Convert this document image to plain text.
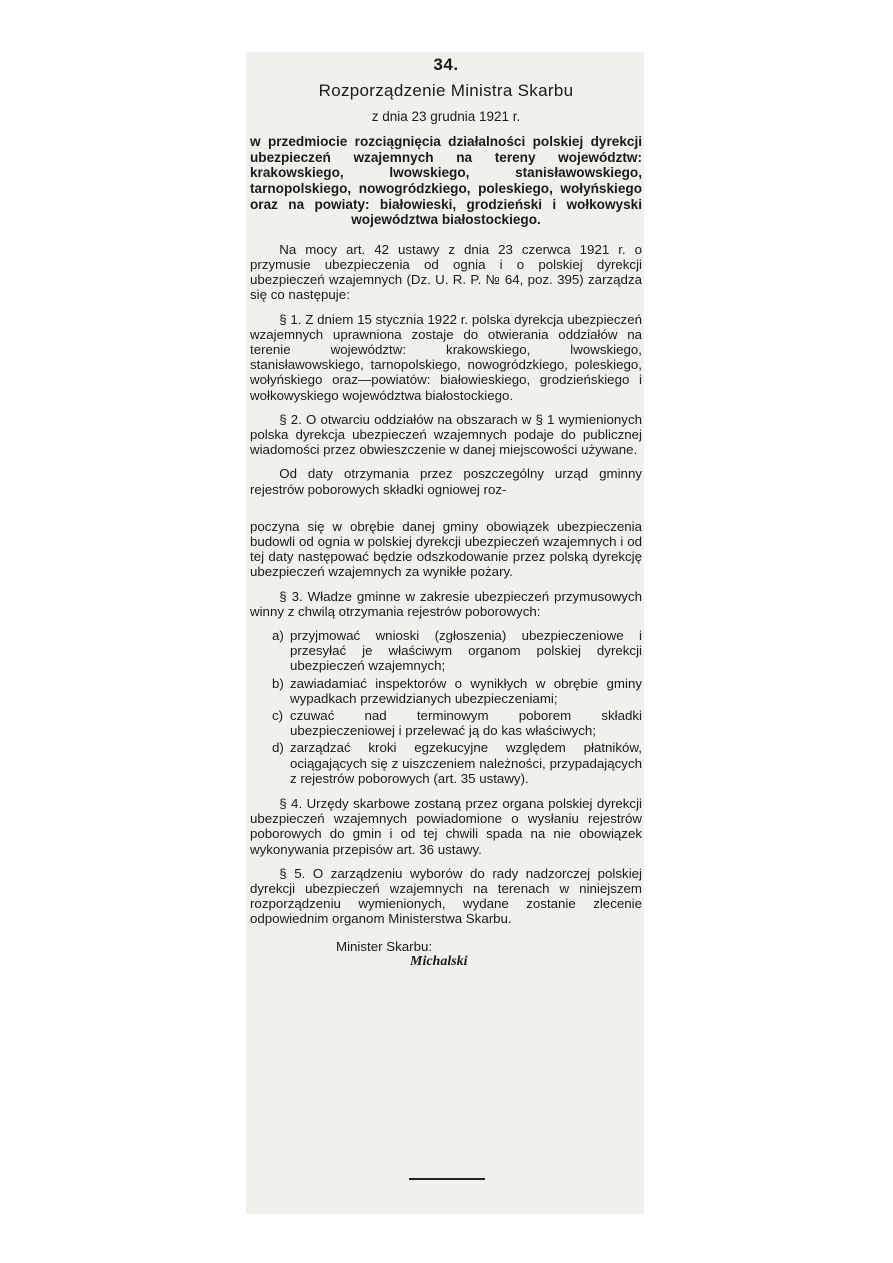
34.
Rozporządzenie Ministra Skarbu
z dnia 23 grudnia 1921 r.
w przedmiocie rozciągnięcia działalności polskiej dyrekcji ubezpieczeń wzajemnych na tereny województw: krakowskiego, lwowskiego, stanisławowskiego, tarnopolskiego, nowogródzkiego, poleskiego, wołyńskiego oraz na powiaty: białowieski, grodzieński i wołkowyski województwa białostockiego.

Na mocy art. 42 ustawy z dnia 23 czerwca 1921 r. o przymusie ubezpieczenia od ognia i o polskiej dyrekcji ubezpieczeń wzajemnych (Dz. U. R. P. № 64, poz. 395) zarządza się co następuje:

§ 1. Z dniem 15 stycznia 1922 r. polska dyrekcja ubezpieczeń wzajemnych uprawniona zostaje do otwierania oddziałów na terenie województw: krakowskiego, lwowskiego, stanisławowskiego, tarnopolskiego, nowogródzkiego, poleskiego, wołyńskiego oraz—powiatów: białowieskiego, grodzieńskiego i wołkowyskiego województwa białostockiego.

§ 2. O otwarciu oddziałów na obszarach w § 1 wymienionych polska dyrekcja ubezpieczeń wzajemnych podaje do publicznej wiadomości przez obwieszczenie w danej miejscowości używane.

Od daty otrzymania przez poszczególny urząd gminny rejestrów poborowych składki ogniowej roz-

poczyna się w obrębie danej gminy obowiązek ubezpieczenia budowli od ognia w polskiej dyrekcji ubezpieczeń wzajemnych i od tej daty następować będzie odszkodowanie przez polską dyrekcję ubezpieczeń wzajemnych za wynikłe pożary.

§ 3. Władze gminne w zakresie ubezpieczeń przymusowych winny z chwilą otrzymania rejestrów poborowych:

a) przyjmować wnioski (zgłoszenia) ubezpieczeniowe i przesyłać je właściwym organom polskiej dyrekcji ubezpieczeń wzajemnych;
b) zawiadamiać inspektorów o wynikłych w obrębie gminy wypadkach przewidzianych ubezpieczeniami;
c) czuwać nad terminowym poborem składki ubezpieczeniowej i przelewać ją do kas właściwych;
d) zarządzać kroki egzekucyjne względem płatników, ociągających się z uiszczeniem należności, przypadających z rejestrów poborowych (art. 35 ustawy).

§ 4. Urzędy skarbowe zostaną przez organa polskiej dyrekcji ubezpieczeń wzajemnych powiadomione o wysłaniu rejestrów poborowych do gmin i od tej chwili spada na nie obowiązek wykonywania przepisów art. 36 ustawy.

§ 5. O zarządzeniu wyborów do rady nadzorczej polskiej dyrekcji ubezpieczeń wzajemnych na terenach w niniejszem rozporządzeniu wymienionych, wydane zostanie zlecenie odpowiednim organom Ministerstwa Skarbu.

Minister Skarbu:
Michalski
